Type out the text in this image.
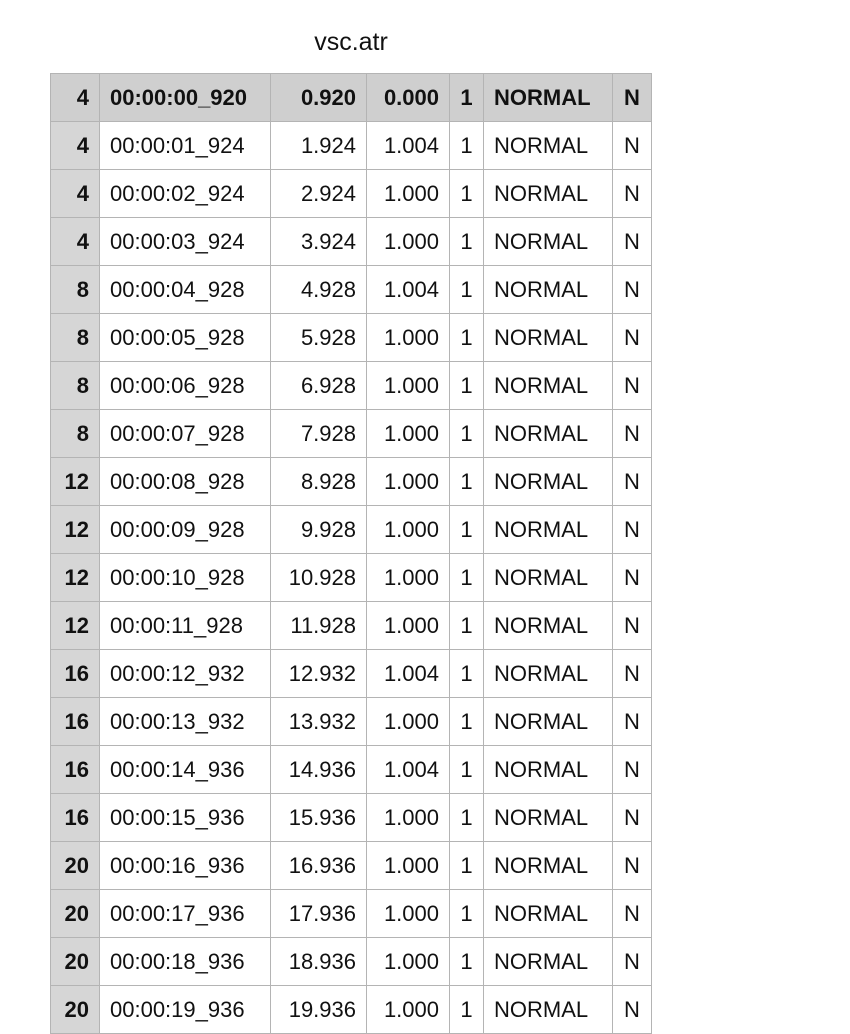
vsc.atr
4	00:00:00_920	0.920	0.000	1	NORMAL	N
4	00:00:01_924	1.924	1.004	1	NORMAL	N
4	00:00:02_924	2.924	1.000	1	NORMAL	N
4	00:00:03_924	3.924	1.000	1	NORMAL	N
8	00:00:04_928	4.928	1.004	1	NORMAL	N
8	00:00:05_928	5.928	1.000	1	NORMAL	N
8	00:00:06_928	6.928	1.000	1	NORMAL	N
8	00:00:07_928	7.928	1.000	1	NORMAL	N
12	00:00:08_928	8.928	1.000	1	NORMAL	N
12	00:00:09_928	9.928	1.000	1	NORMAL	N
12	00:00:10_928	10.928	1.000	1	NORMAL	N
12	00:00:11_928	11.928	1.000	1	NORMAL	N
16	00:00:12_932	12.932	1.004	1	NORMAL	N
16	00:00:13_932	13.932	1.000	1	NORMAL	N
16	00:00:14_936	14.936	1.004	1	NORMAL	N
16	00:00:15_936	15.936	1.000	1	NORMAL	N
20	00:00:16_936	16.936	1.000	1	NORMAL	N
20	00:00:17_936	17.936	1.000	1	NORMAL	N
20	00:00:18_936	18.936	1.000	1	NORMAL	N
20	00:00:19_936	19.936	1.000	1	NORMAL	N
